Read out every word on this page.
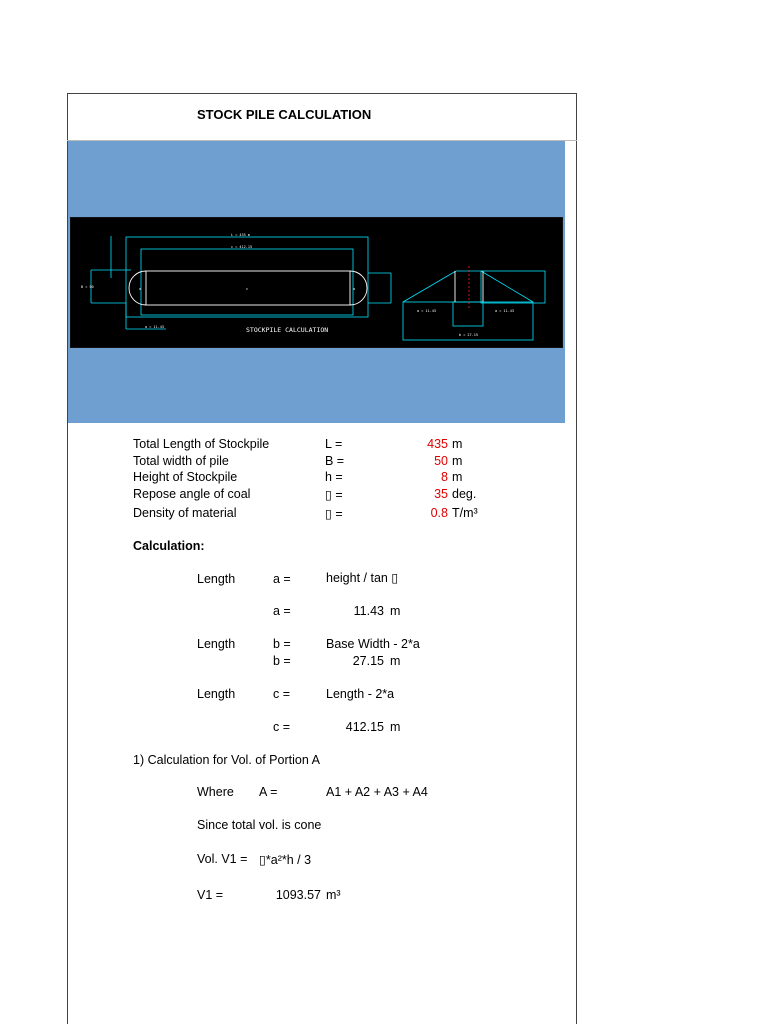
STOCK PILE CALCULATION
c
a	a
L = 435 m
c = 412.15
a = 11.43
a = 11.43	a = 11.43
b = 27.15
B = 50
STOCKPILE CALCULATION
Total Length of Stockpile	L =	435 m
Total width of pile	B =	50 m
Height of Stockpile	h =	8 m
Repose angle of coal	▯ =	35 deg.
Density of material	▯ =	0.8 T/m³
Calculation:
Length	a =	height / tan ▯
a =	11.43 m
Length	b =	Base Width - 2*a
b =	27.15 m
Length	c =	Length - 2*a
c =	412.15 m
1) Calculation for Vol. of Portion A
Where A =	A1 + A2 + A3 + A4
Since total vol. is cone
Vol. V1 = ▯*a²*h / 3
V1 =	1093.57 m³
